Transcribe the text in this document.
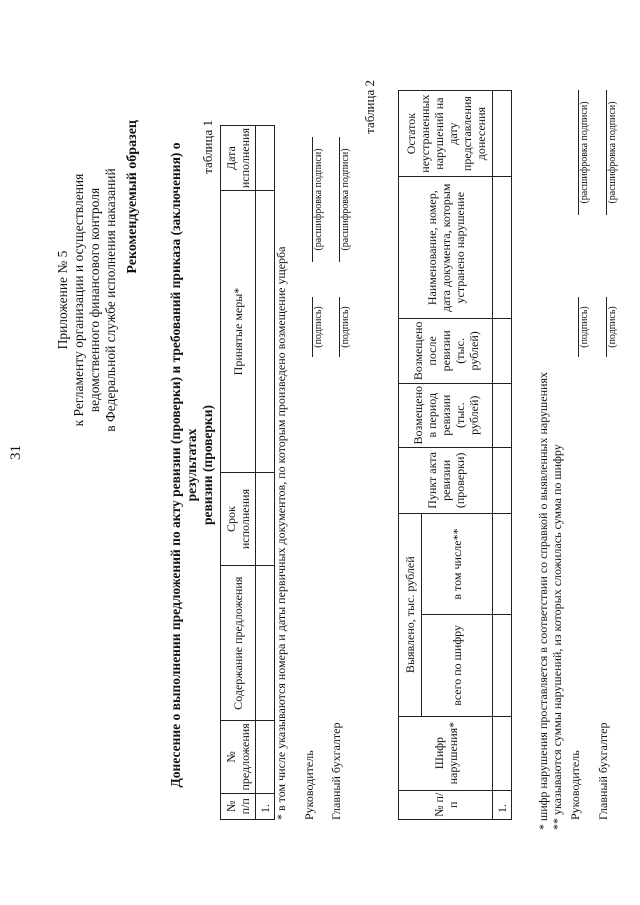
31
Приложение № 5 к Регламенту организации и осуществления ведомственного финансового контроля в Федеральной службе исполнения наказаний Рекомендуемый образец Донесение о выполнении предложений по акту ревизии (проверки) и требований приказа (заключения) о результатах ревизии (проверки)
таблица 1
№ п/п	№ предложения	Содержание предложения	Срок исполнения	Принятые меры*	Дата исполнения
1.					* в том числе указываются номера и даты первичных документов, по которым произведено возмещение ущерба Руководитель
(подпись)
(расшифровка подписи)
Главный бухгалтер
(подпись)
(расшифровка подписи)
таблица 2
№ п/п	Шифр нарушения*	Выявлено, тыс. рублей		Пункт акта ревизии (проверки)	Возмещено в период ревизии (тыс. рублей)	Возмещено после ревизии (тыс. рублей)	Наименование, номер, дата документа, которым устранено нарушение	Остаток неустраненных нарушений на дату представления донесения
		всего по шифру	в том числе**					
1.								* шифр нарушения проставляется в соответствии со справкой о выявленных нарушениях ** указываются суммы нарушений, из которых сложилась сумма по шифру Руководитель
(подпись)
(расшифровка подписи)
Главный бухгалтер
(подпись)
(расшифровка подписи)
